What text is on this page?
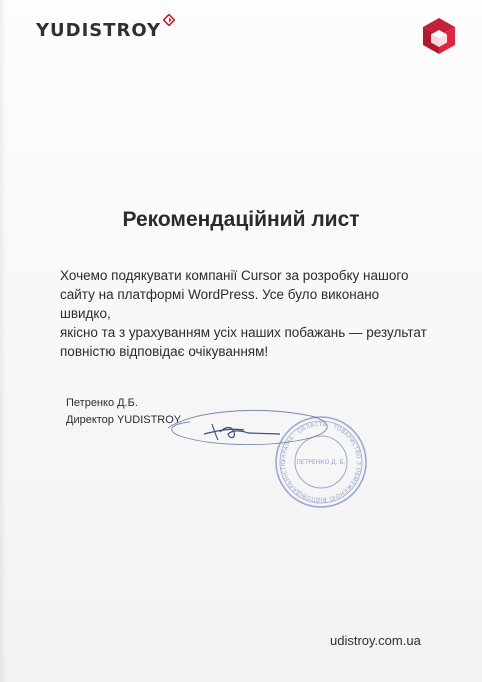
YUDISTROY
Рекомендаційний лист
Хочемо подякувати компанії Cursor за розробку нашого
сайту на платформі WordPress. Усе було виконано швидко,
якісно та з урахуванням усіх наших побажань — результат
повністю відповідає очікуванням!
Петренко Д.Б.
Директор YUDISTROY
УКРАЇНА · ОБЛАСТЬ · ТОВАРИСТВО З ОБМЕЖЕНОЮ ВІДПОВІДАЛЬНІСТЮ	ПЕТРЕНКО Д. Б.
udistroy.com.ua
